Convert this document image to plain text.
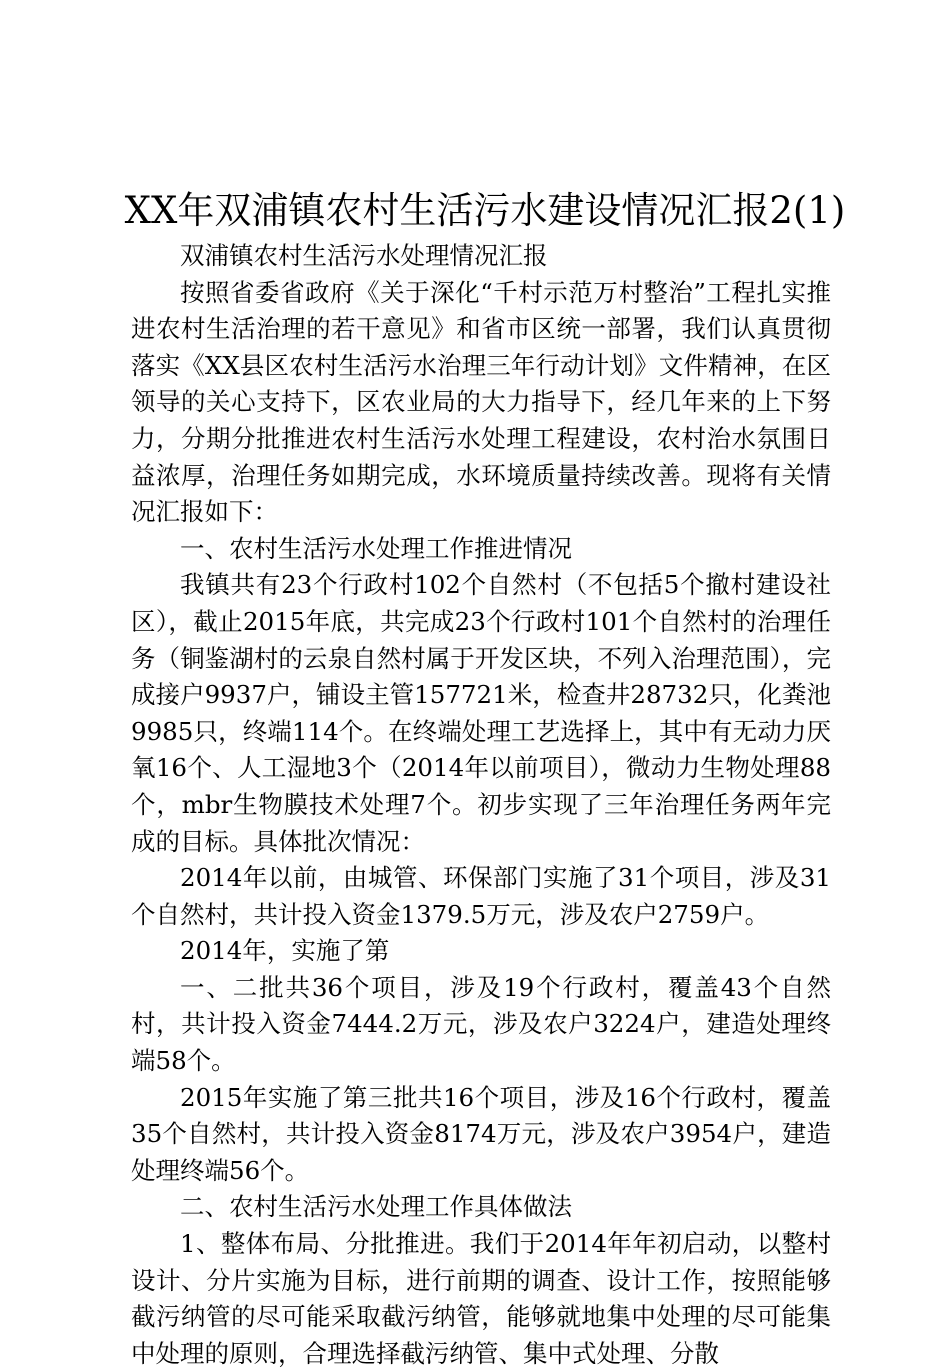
XX年双浦镇农村生活污水建设情况汇报2(1)

双浦镇农村生活污水处理情况汇报

按照省委省政府《关于深化“千村示范万村整治”工程扎实推进农村生活治理的若干意见》和省市区统一部署，我们认真贯彻落实《XX县区农村生活污水治理三年行动计划》文件精神，在区领导的关心支持下，区农业局的大力指导下，经几年来的上下努力，分期分批推进农村生活污水处理工程建设，农村治水氛围日益浓厚，治理任务如期完成，水环境质量持续改善。现将有关情况汇报如下：

一、农村生活污水处理工作推进情况

我镇共有23个行政村102个自然村（不包括5个撤村建设社区），截止2015年底，共完成23个行政村101个自然村的治理任务（铜鉴湖村的云泉自然村属于开发区块，不列入治理范围），完成接户9937户，铺设主管157721米，检查井28732只，化粪池9985只，终端114个。在终端处理工艺选择上，其中有无动力厌氧16个、人工湿地3个（2014年以前项目），微动力生物处理88个，mbr生物膜技术处理7个。初步实现了三年治理任务两年完成的目标。具体批次情况：

2014年以前，由城管、环保部门实施了31个项目，涉及31个自然村，共计投入资金1379.5万元，涉及农户2759户。

2014年，实施了第

一、二批共36个项目，涉及19个行政村，覆盖43个自然村，共计投入资金7444.2万元，涉及农户3224户，建造处理终端58个。

2015年实施了第三批共16个项目，涉及16个行政村，覆盖35个自然村，共计投入资金8174万元，涉及农户3954户，建造处理终端56个。

二、农村生活污水处理工作具体做法

1、整体布局、分批推进。我们于2014年年初启动，以整村设计、分片实施为目标，进行前期的调查、设计工作，按照能够截污纳管的尽可能采取截污纳管，能够就地集中处理的尽可能集中处理的原则，合理选择截污纳管、集中式处理、分散
